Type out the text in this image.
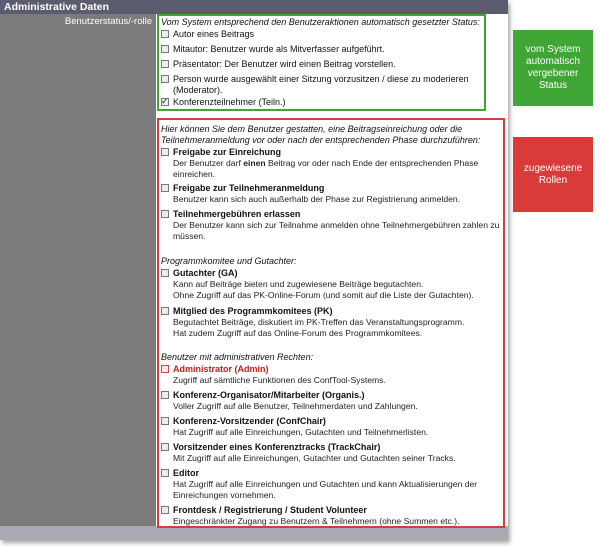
Administrative Daten
Benutzerstatus/-rolle Vom System entsprechend den Benutzeraktionen automatisch gesetzter Status:
Autor eines Beitrags
Mitautor: Benutzer wurde als Mitverfasser aufgeführt.
Präsentator: Der Benutzer wird einen Beitrag vorstellen.
Person wurde ausgewählt einer Sitzung vorzusitzen / diese zu moderieren
(Moderator).
✓
Konferenzteilnehmer (Teiln.)
Hier können Sie dem Benutzer gestatten, eine Beitragseinreichung oder die
Teilnehmeranmeldung vor oder nach der entsprechenden Phase durchzuführen:
Freigabe zur Einreichung
Der Benutzer darf einen Beitrag vor oder nach Ende der entsprechenden Phase
einreichen.
Freigabe zur Teilnehmeranmeldung
Benutzer kann sich auch außerhalb der Phase zur Registrierung anmelden.
Teilnehmergebühren erlassen
Der Benutzer kann sich zur Teilnahme anmelden ohne Teilnehmergebühren zahlen zu
müssen.
Programmkomitee und Gutachter:
Gutachter (GA)
Kann auf Beiträge bieten und zugewiesene Beiträge begutachten.
Ohne Zugriff auf das PK-Online-Forum (und somit auf die Liste der Gutachten).
Mitglied des Programmkomitees (PK)
Begutachtet Beiträge, diskutiert im PK-Treffen das Veranstaltungsprogramm.
Hat zudem Zugriff auf das Online-Forum des Programmkomitees.
Benutzer mit administrativen Rechten:
Administrator (Admin)
Zugriff auf sämtliche Funktionen des ConfTool-Systems.
Konferenz-Organisator/Mitarbeiter (Organis.)
Voller Zugriff auf alle Benutzer, Teilnehmerdaten und Zahlungen.
Konferenz-Vorsitzender (ConfChair)
Hat Zugriff auf alle Einreichungen, Gutachten und Teilnehmerlisten.
Vorsitzender eines Konferenztracks (TrackChair)
Mit Zugriff auf alle Einreichungen, Gutachter und Gutachten seiner Tracks.
Editor
Hat Zugriff auf alle Einreichungen und Gutachten und kann Aktualisierungen der
Einreichungen vornehmen.
Frontdesk / Registrierung / Student Volunteer
Eingeschränkter Zugang zu Benutzern & Teilnehmern (ohne Summen etc.).
vom System
automatisch
vergebener
Status
zugewiesene
Rollen
